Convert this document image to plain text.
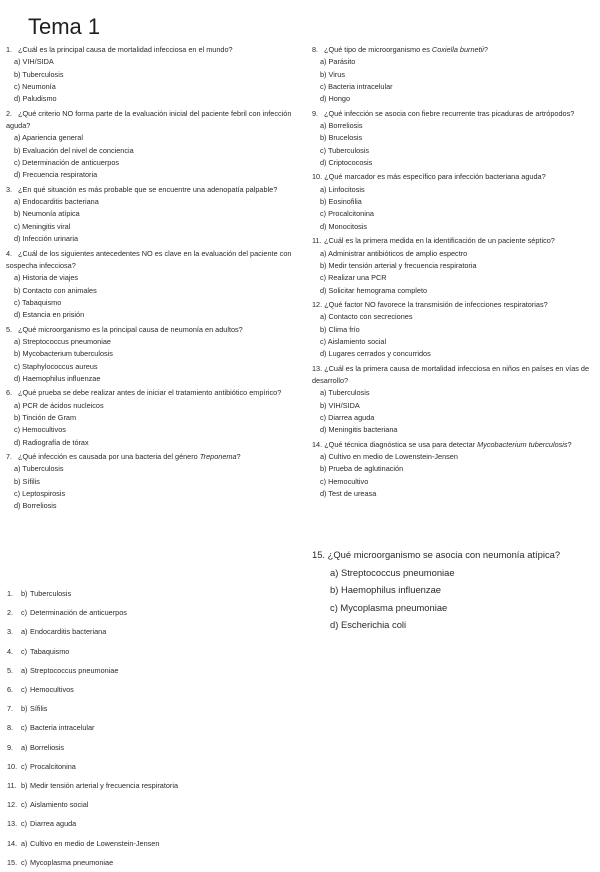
Tema 1
1. ¿Cuál es la principal causa de mortalidad infecciosa en el mundo?
a) VIH/SIDA
b) Tuberculosis
c) Neumonía
d) Paludismo
2. ¿Qué criterio NO forma parte de la evaluación inicial del paciente febril con infección aguda?
a) Apariencia general
b) Evaluación del nivel de conciencia
c) Determinación de anticuerpos
d) Frecuencia respiratoria
3. ¿En qué situación es más probable que se encuentre una adenopatía palpable?
a) Endocarditis bacteriana
b) Neumonía atípica
c) Meningitis viral
d) Infección urinaria
4. ¿Cuál de los siguientes antecedentes NO es clave en la evaluación del paciente con sospecha infecciosa?
a) Historia de viajes
b) Contacto con animales
c) Tabaquismo
d) Estancia en prisión
5. ¿Qué microorganismo es la principal causa de neumonía en adultos?
a) Streptococcus pneumoniae
b) Mycobacterium tuberculosis
c) Staphylococcus aureus
d) Haemophilus influenzae
6. ¿Qué prueba se debe realizar antes de iniciar el tratamiento antibiótico empírico?
a) PCR de ácidos nucleicos
b) Tinción de Gram
c) Hemocultivos
d) Radiografía de tórax
7. ¿Qué infección es causada por una bacteria del género Treponema?
a) Tuberculosis
b) Sífilis
c) Leptospirosis
d) Borreliosis
8. ¿Qué tipo de microorganismo es Coxiella burnetii?
a) Parásito
b) Virus
c) Bacteria intracelular
d) Hongo
9. ¿Qué infección se asocia con fiebre recurrente tras picaduras de artrópodos?
a) Borreliosis
b) Brucelosis
c) Tuberculosis
d) Criptococosis
10. ¿Qué marcador es más específico para infección bacteriana aguda?
a) Linfocitosis
b) Eosinofilia
c) Procalcitonina
d) Monocitosis
11. ¿Cuál es la primera medida en la identificación de un paciente séptico?
a) Administrar antibióticos de amplio espectro
b) Medir tensión arterial y frecuencia respiratoria
c) Realizar una PCR
d) Solicitar hemograma completo
12. ¿Qué factor NO favorece la transmisión de infecciones respiratorias?
a) Contacto con secreciones
b) Clima frío
c) Aislamiento social
d) Lugares cerrados y concurridos
13. ¿Cuál es la primera causa de mortalidad infecciosa en niños en países en vías de desarrollo?
a) Tuberculosis
b) VIH/SIDA
c) Diarrea aguda
d) Meningitis bacteriana
14. ¿Qué técnica diagnóstica se usa para detectar Mycobacterium tuberculosis?
a) Cultivo en medio de Lowenstein-Jensen
b) Prueba de aglutinación
c) Hemocultivo
d) Test de ureasa
15. ¿Qué microorganismo se asocia con neumonía atípica?
a) Streptococcus pneumoniae
b) Haemophilus influenzae
c) Mycoplasma pneumoniae
d) Escherichia coli
1. b) Tuberculosis
2. c) Determinación de anticuerpos
3. a) Endocarditis bacteriana
4. c) Tabaquismo
5. a) Streptococcus pneumoniae
6. c) Hemocultivos
7. b) Sífilis
8. c) Bacteria intracelular
9. a) Borreliosis
10. c) Procalcitonina
11. b) Medir tensión arterial y frecuencia respiratoria
12. c) Aislamiento social
13. c) Diarrea aguda
14. a) Cultivo en medio de Lowenstein-Jensen
15. c) Mycoplasma pneumoniae
